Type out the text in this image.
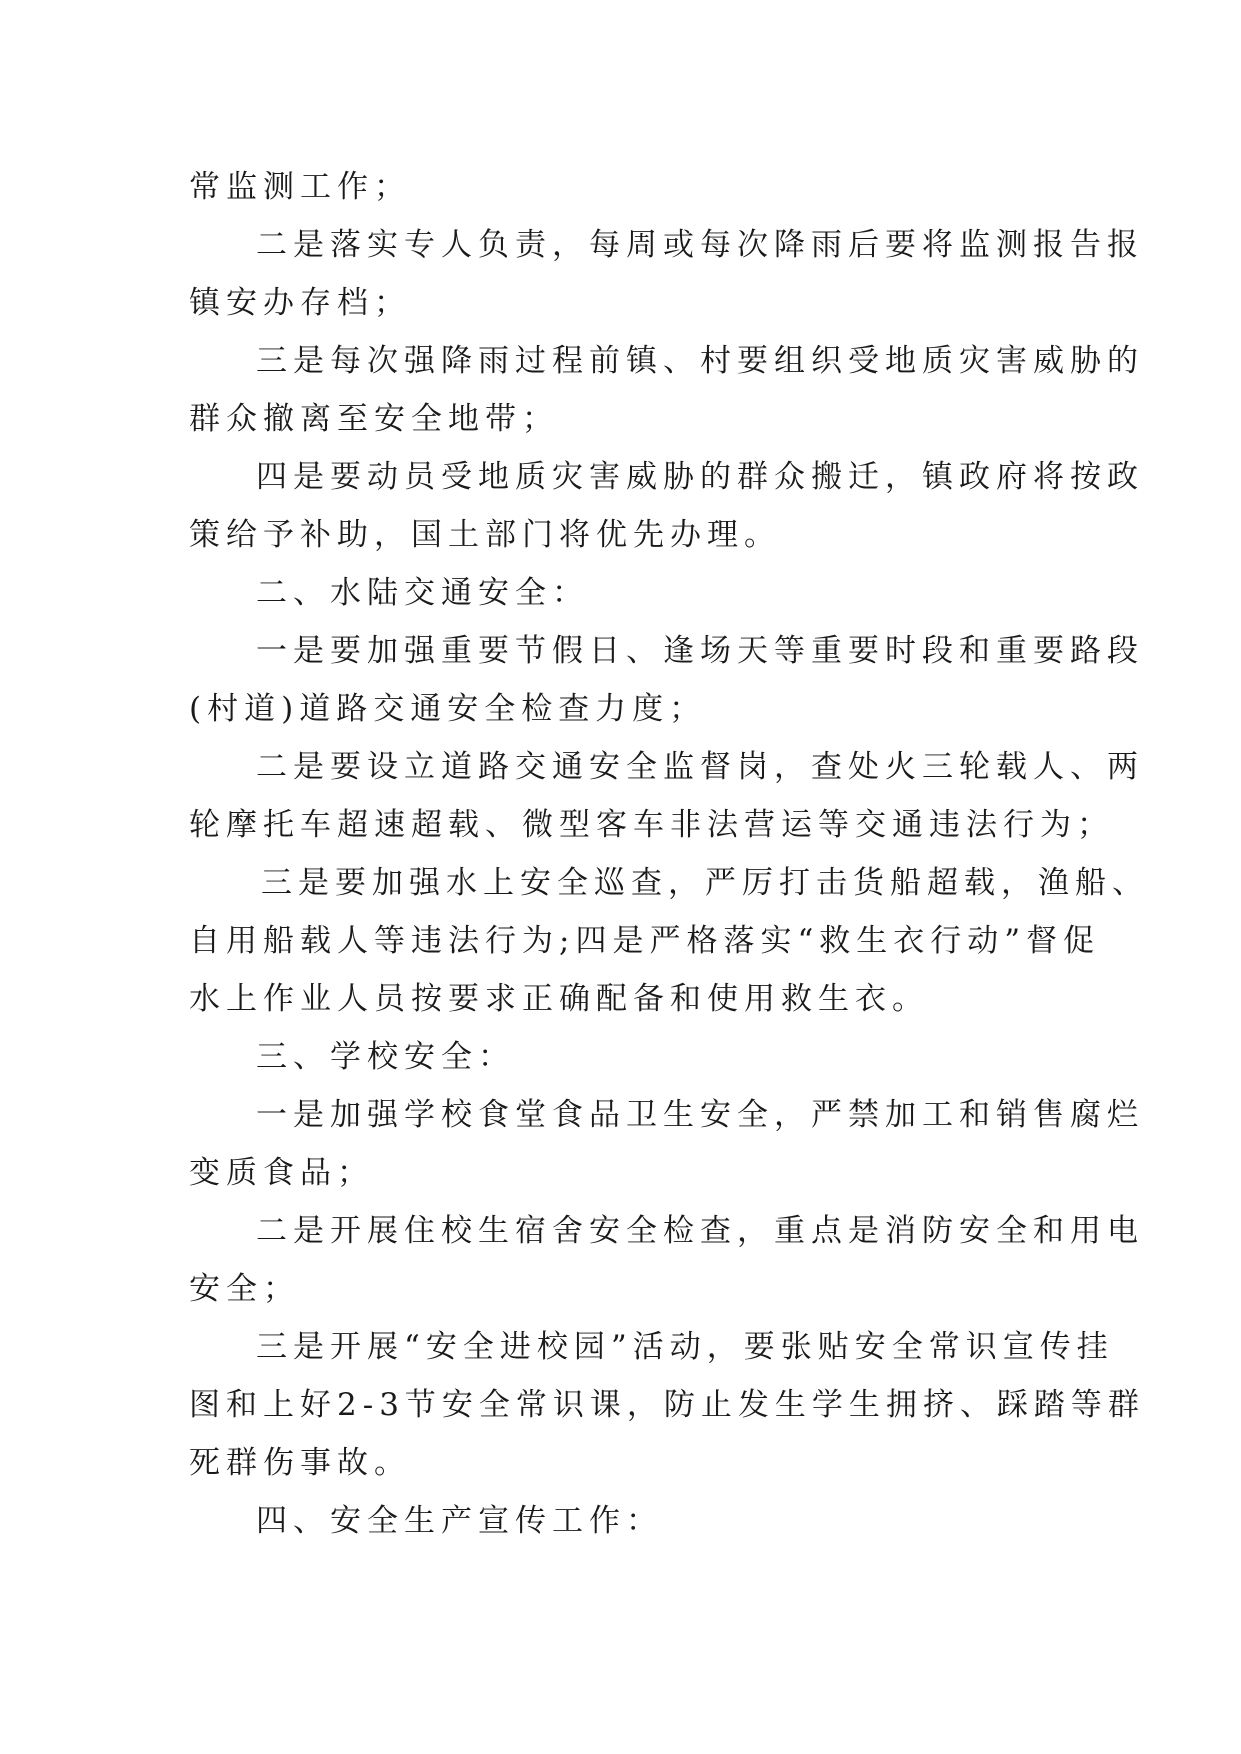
常监测工作；
二是落实专人负责，每周或每次降雨后要将监测报告报
镇安办存档；
三是每次强降雨过程前镇、村要组织受地质灾害威胁的
群众撤离至安全地带；
四是要动员受地质灾害威胁的群众搬迁，镇政府将按政
策给予补助，国土部门将优先办理。
二、水陆交通安全：
一是要加强重要节假日、逢场天等重要时段和重要路段
(村道)道路交通安全检查力度；
二是要设立道路交通安全监督岗，查处火三轮载人、两
轮摩托车超速超载、微型客车非法营运等交通违法行为；
三是要加强水上安全巡查，严厉打击货船超载，渔船、
自用船载人等违法行为;四是严格落实“救生衣行动”督促
水上作业人员按要求正确配备和使用救生衣。
三、学校安全：
一是加强学校食堂食品卫生安全，严禁加工和销售腐烂
变质食品；
二是开展住校生宿舍安全检查，重点是消防安全和用电
安全；
三是开展“安全进校园”活动，要张贴安全常识宣传挂
图和上好2-3节安全常识课，防止发生学生拥挤、踩踏等群
死群伤事故。
四、安全生产宣传工作：
